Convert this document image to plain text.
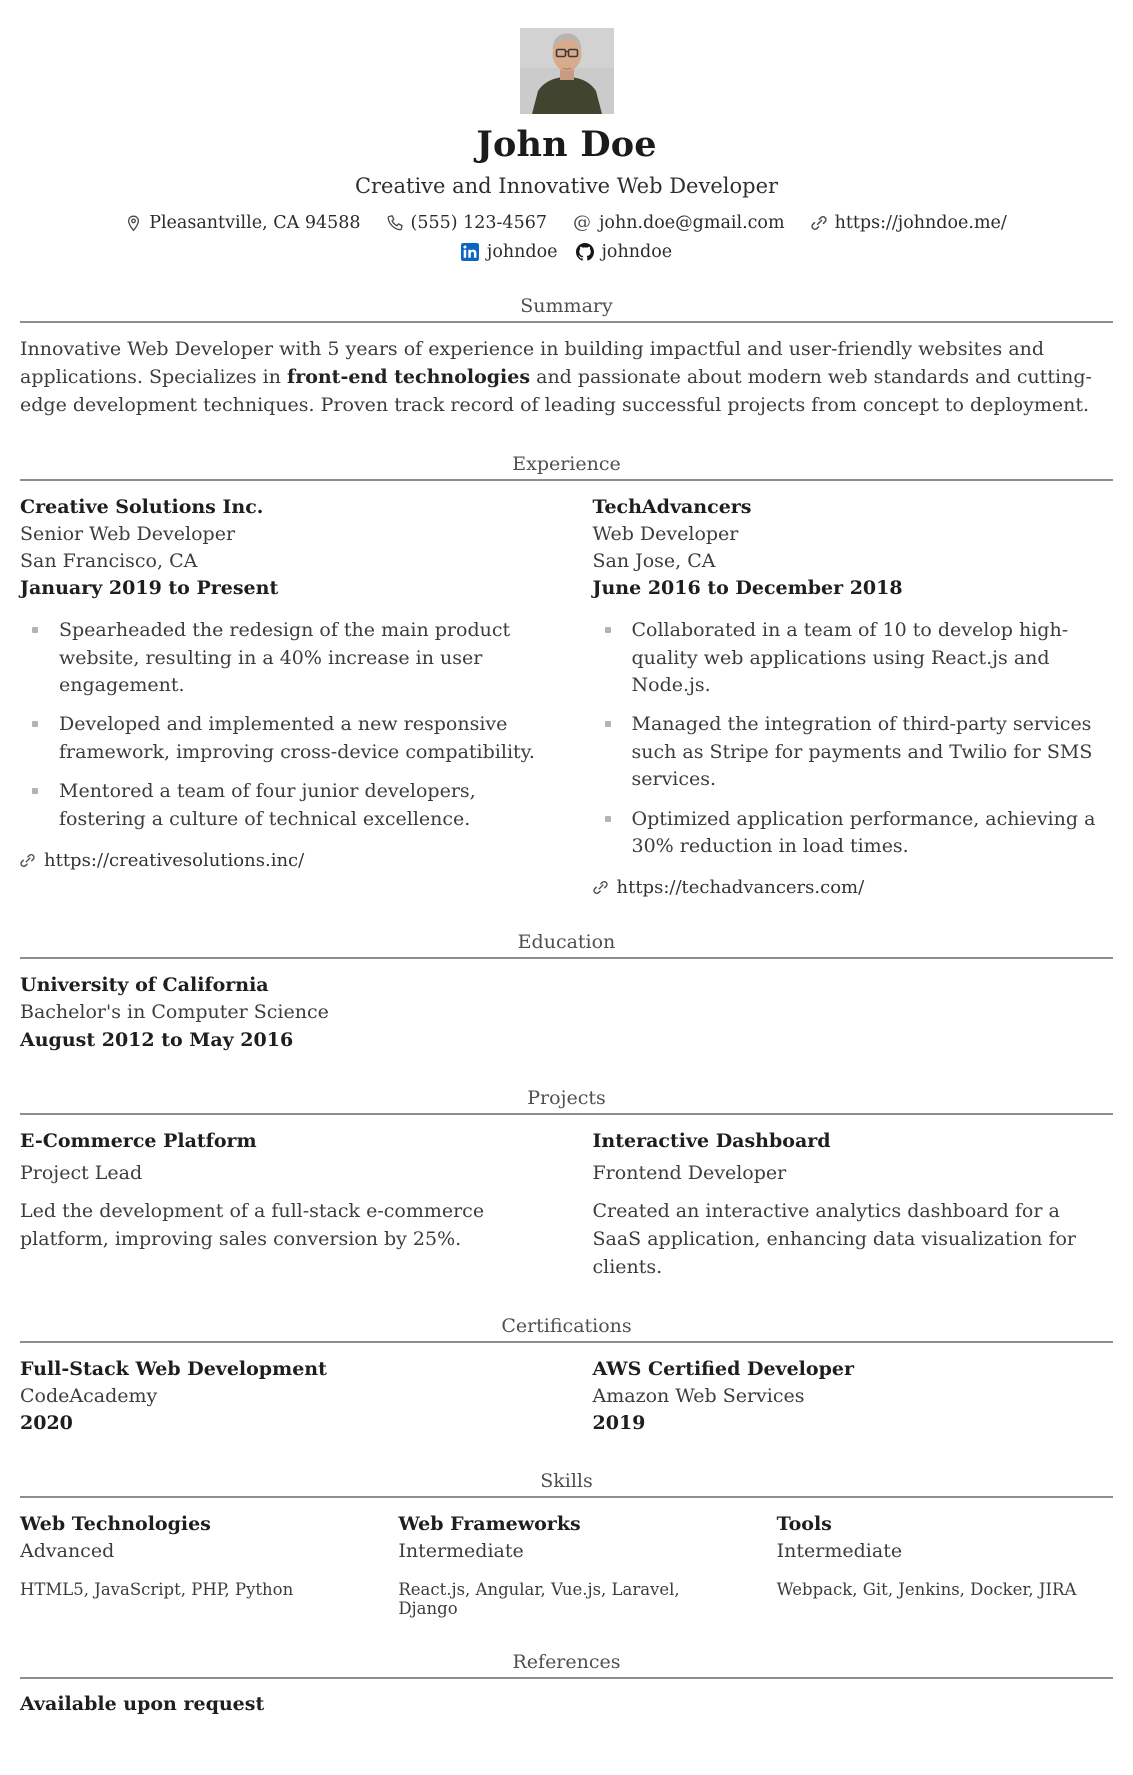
John Doe
Creative and Innovative Web Developer
Pleasantville, CA 94588	(555) 123-4567 @ john.doe@gmail.com	https://johndoe.me/
johndoe	johndoe
Summary

Innovative Web Developer with 5 years of experience in building impactful and user-friendly websites and applications. Specializes in front-end technologies and passionate about modern web standards and cutting-edge development techniques. Proven track record of leading successful projects from concept to deployment.

Experience
Creative Solutions Inc.
Senior Web Developer
San Francisco, CA
January 2019 to Present
Spearheaded the redesign of the main product website, resulting in a 40% increase in user engagement.
Developed and implemented a new responsive framework, improving cross-device compatibility.
Mentored a team of four junior developers, fostering a culture of technical excellence.
https://creativesolutions.inc/
TechAdvancers
Web Developer
San Jose, CA
June 2016 to December 2018
Collaborated in a team of 10 to develop high-quality web applications using React.js and Node.js.
Managed the integration of third-party services such as Stripe for payments and Twilio for SMS services.
Optimized application performance, achieving a 30% reduction in load times.
https://techadvancers.com/
Education
University of California
Bachelor's in Computer Science
August 2012 to May 2016
Projects
E-Commerce Platform
Project Lead
Led the development of a full-stack e-commerce platform, improving sales conversion by 25%.
Interactive Dashboard
Frontend Developer
Created an interactive analytics dashboard for a SaaS application, enhancing data visualization for clients.
Certifications
Full-Stack Web Development
CodeAcademy
2020
AWS Certified Developer
Amazon Web Services
2019
Skills
Web Technologies
Advanced
HTML5, JavaScript, PHP, Python
Web Frameworks
Intermediate
React.js, Angular, Vue.js, Laravel, Django
Tools
Intermediate
Webpack, Git, Jenkins, Docker, JIRA
References
Available upon request
